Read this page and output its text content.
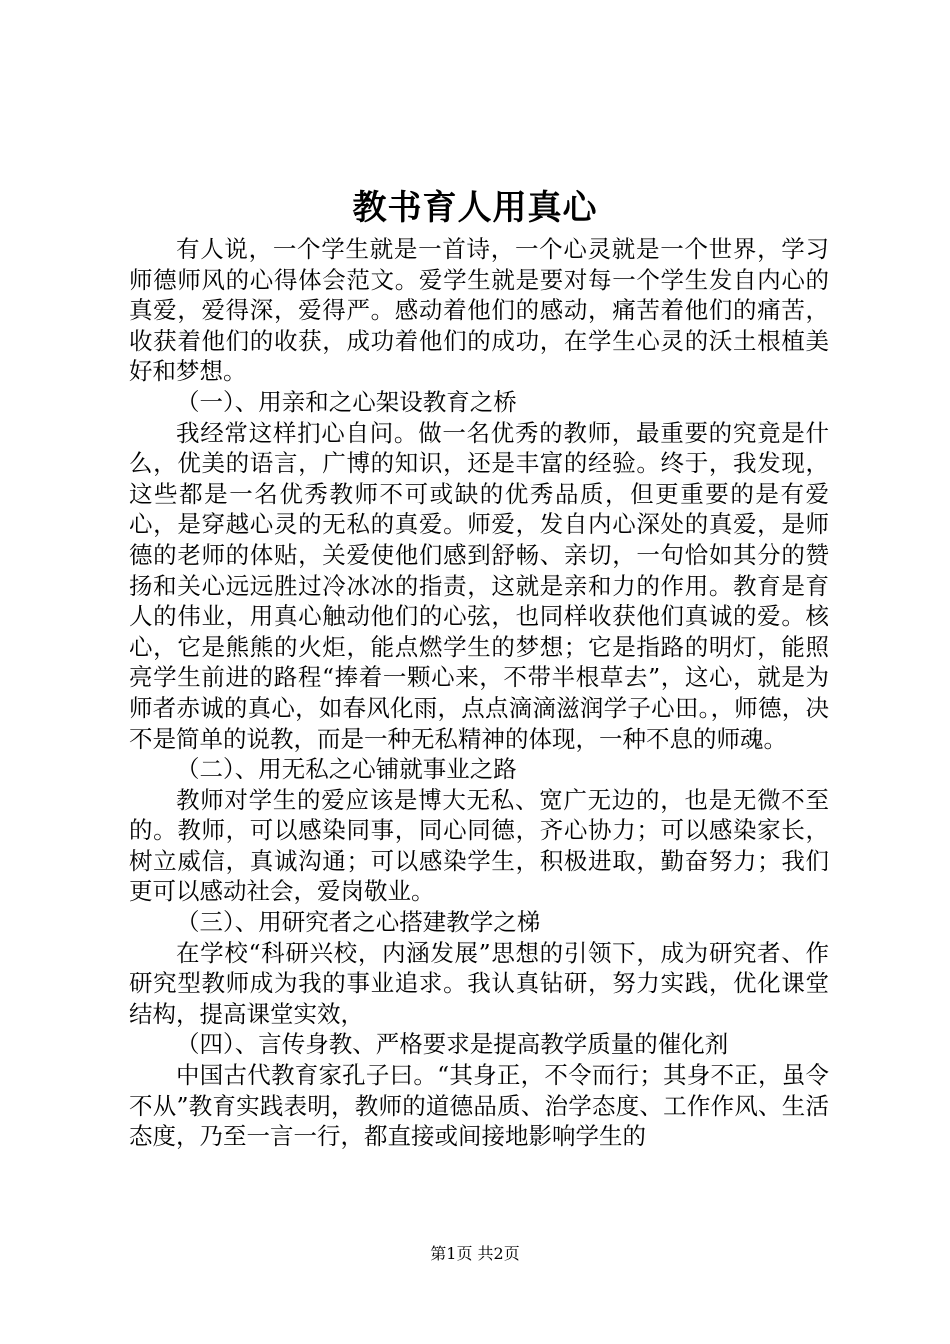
教书育人用真心

有人说，一个学生就是一首诗，一个心灵就是一个世界，学习师德师风的心得体会范文。爱学生就是要对每一个学生发自内心的真爱，爱得深，爱得严。感动着他们的感动，痛苦着他们的痛苦，收获着他们的收获，成功着他们的成功，在学生心灵的沃土根植美好和梦想。

（一）、用亲和之心架设教育之桥

我经常这样扪心自问。做一名优秀的教师，最重要的究竟是什么，优美的语言，广博的知识，还是丰富的经验。终于，我发现，这些都是一名优秀教师不可或缺的优秀品质，但更重要的是有爱心，是穿越心灵的无私的真爱。师爱，发自内心深处的真爱，是师德的老师的体贴，关爱使他们感到舒畅、亲切，一句恰如其分的赞扬和关心远远胜过冷冰冰的指责，这就是亲和力的作用。教育是育人的伟业，用真心触动他们的心弦，也同样收获他们真诚的爱。核心，它是熊熊的火炬，能点燃学生的梦想；它是指路的明灯，能照亮学生前进的路程“捧着一颗心来，不带半根草去”，这心，就是为师者赤诚的真心，如春风化雨，点点滴滴滋润学子心田。，师德，决不是简单的说教，而是一种无私精神的体现，一种不息的师魂。

（二）、用无私之心铺就事业之路

教师对学生的爱应该是博大无私、宽广无边的，也是无微不至的。教师，可以感染同事，同心同德，齐心协力；可以感染家长，树立威信，真诚沟通；可以感染学生，积极进取，勤奋努力；我们更可以感动社会，爱岗敬业。

（三）、用研究者之心搭建教学之梯

在学校“科研兴校，内涵发展”思想的引领下，成为研究者、作研究型教师成为我的事业追求。我认真钻研，努力实践，优化课堂结构，提高课堂实效，

（四）、言传身教、严格要求是提高教学质量的催化剂

中国古代教育家孔子曰。“其身正，不令而行；其身不正，虽令不从”教育实践表明，教师的道德品质、治学态度、工作作风、生活态度，乃至一言一行，都直接或间接地影响学生的

第1页 共2页
